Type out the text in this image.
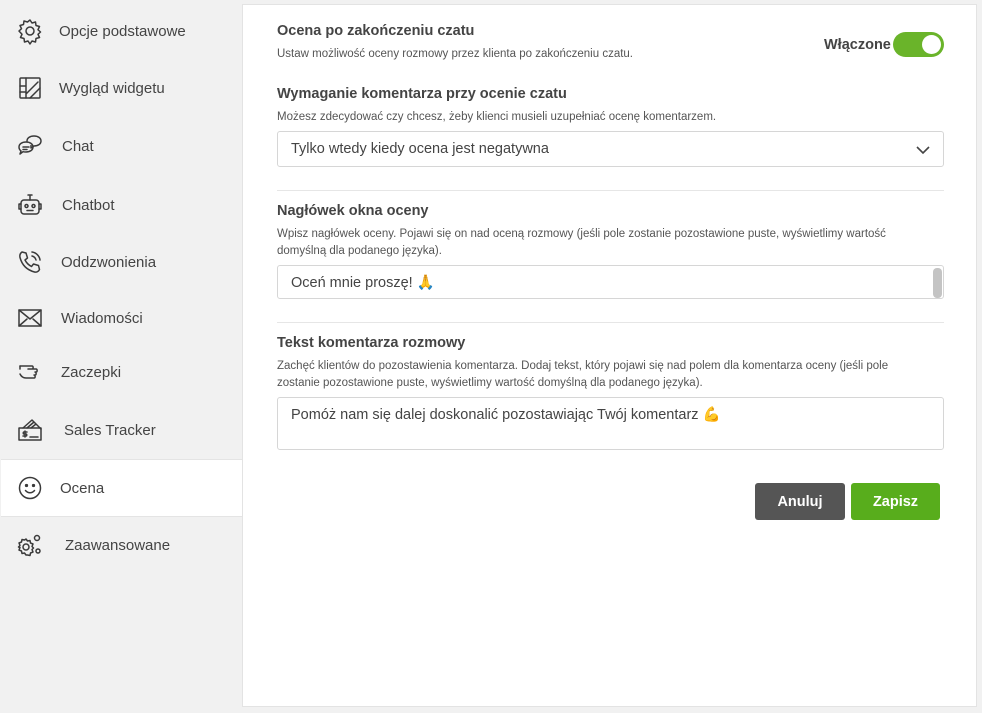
Opcje podstawowe
Wygląd widgetu
Chat
Chatbot
Oddzwonienia
Wiadomości
Zaczepki
Sales Tracker
Ocena
Zaawansowane
Ocena po zakończeniu czatu
Ustaw możliwość oceny rozmowy przez klienta po zakończeniu czatu.
Włączone
Wymaganie komentarza przy ocenie czatu
Możesz zdecydować czy chcesz, żeby klienci musieli uzupełniać ocenę komentarzem.
Tylko wtedy kiedy ocena jest negatywna
Nagłówek okna oceny
Wpisz nagłówek oceny. Pojawi się on nad oceną rozmowy (jeśli pole zostanie pozostawione puste, wyświetlimy wartość domyślną dla podanego języka).
Oceń mnie proszę! 🙏
Tekst komentarza rozmowy
Zachęć klientów do pozostawienia komentarza. Dodaj tekst, który pojawi się nad polem dla komentarza oceny (jeśli pole zostanie pozostawione puste, wyświetlimy wartość domyślną dla podanego języka).
Pomóż nam się dalej doskonalić pozostawiając Twój komentarz 💪
Anuluj	Zapisz
